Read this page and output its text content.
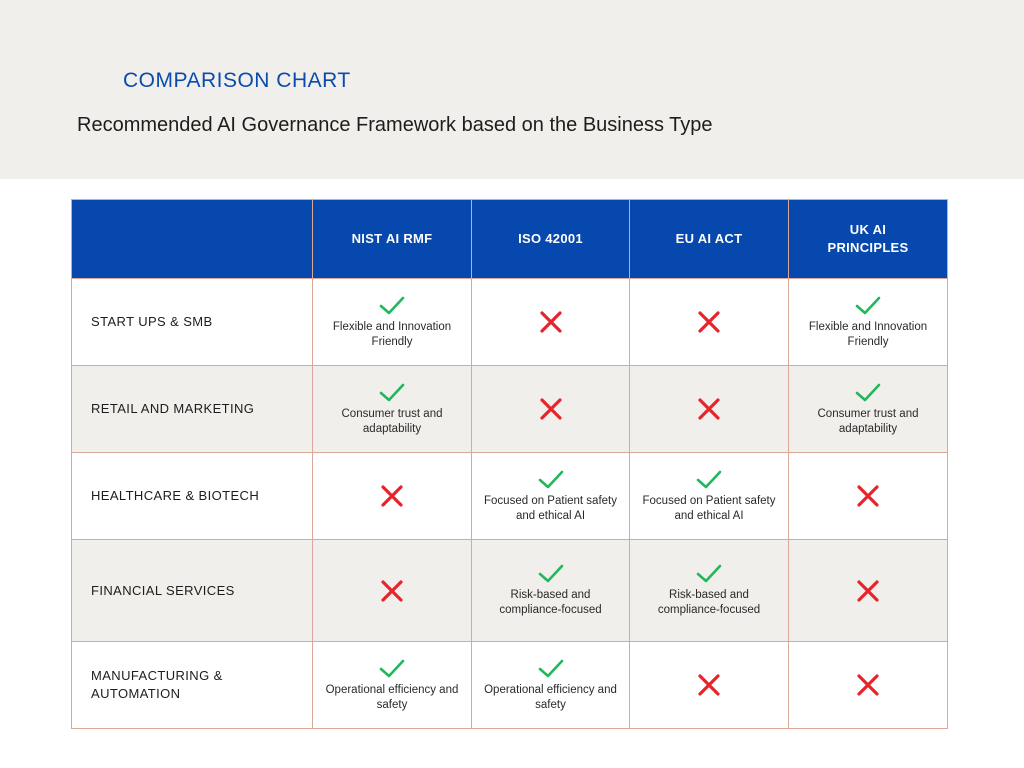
COMPARISON CHART
Recommended AI Governance Framework based on the Business Type
	NIST AI RMF	ISO 42001	EU AI ACT	UK AI PRINCIPLES
START UPS & SMB	Flexible and Innovation Friendly			Flexible and Innovation Friendly

RETAIL AND MARKETING	Consumer trust and adaptability			Consumer trust and adaptability

HEALTHCARE & BIOTECH		Focused on Patient safety and ethical AI	Focused on Patient safety and ethical AI

FINANCIAL SERVICES		Risk-based and compliance-focused	Risk-based and compliance-focused

MANUFACTURING & AUTOMATION	Operational efficiency and safety	Operational efficiency and safety
